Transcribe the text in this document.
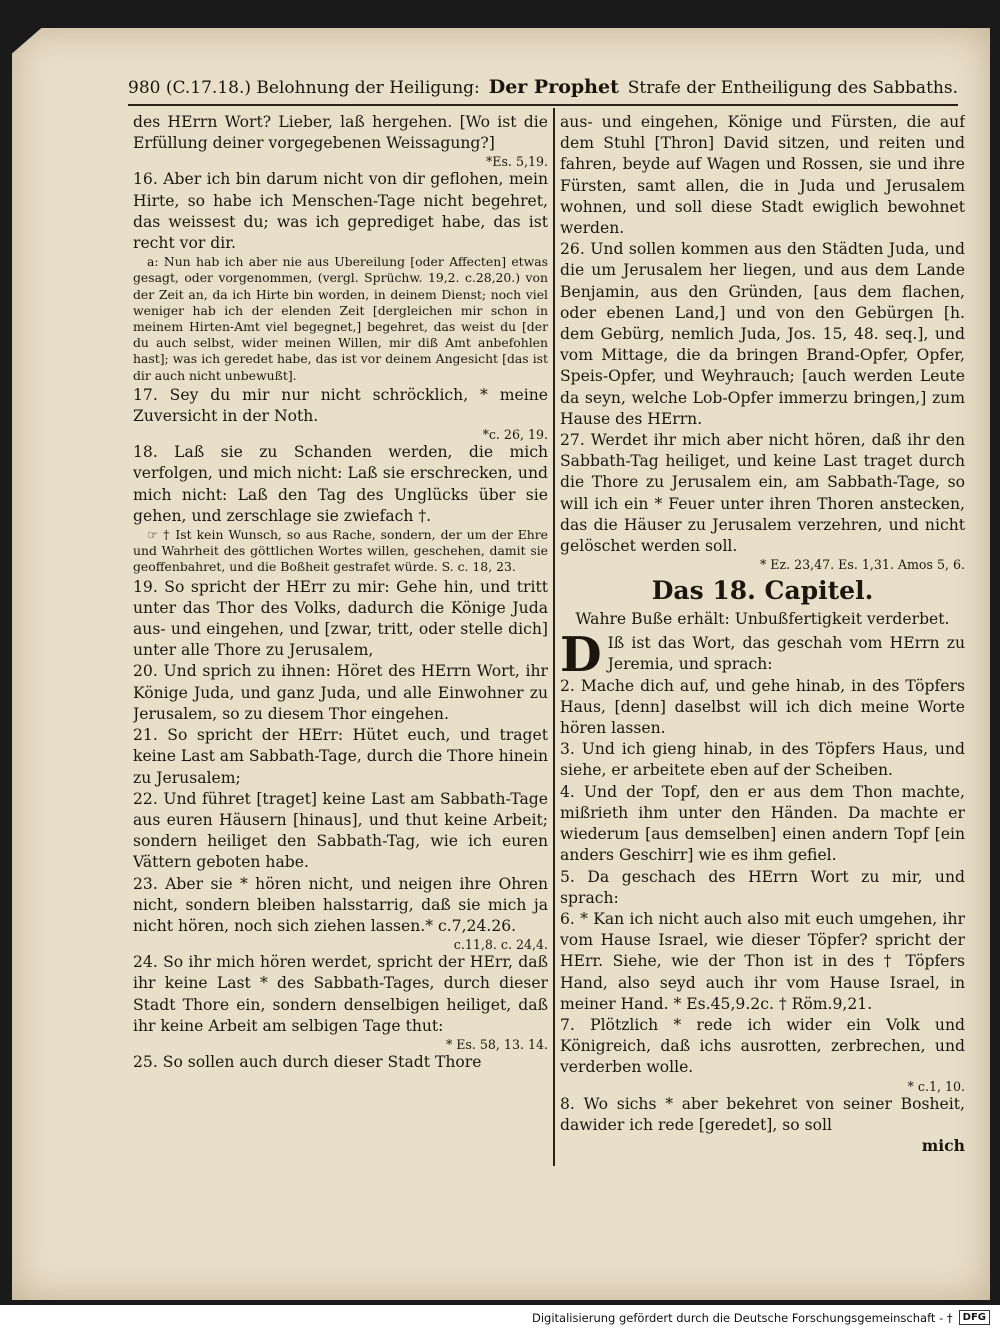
980 (C.17.18.) Belohnung der Heiligung: Der Prophet Strafe der Entheiligung des Sabbaths.

des HErrn Wort? Lieber, laß hergehen. [Wo ist die Erfüllung deiner vorgegebenen Weissagung?]

*Es. 5,19.

16. Aber ich bin darum nicht von dir geflohen, mein Hirte, so habe ich Menschen-Tage nicht begehret, das weissest du; was ich geprediget habe, das ist recht vor dir.

a: Nun hab ich aber nie aus Ubereilung [oder Affecten] etwas gesagt, oder vorgenommen, (vergl. Sprüchw. 19,2. c.28,20.) von der Zeit an, da ich Hirte bin worden, in deinem Dienst; noch viel weniger hab ich der elenden Zeit [dergleichen mir schon in meinem Hirten-Amt viel begegnet,] begehret, das weist du [der du auch selbst, wider meinen Willen, mir diß Amt anbefohlen hast]; was ich geredet habe, das ist vor deinem Angesicht [das ist dir auch nicht unbewußt].

17. Sey du mir nur nicht schröcklich, * meine Zuversicht in der Noth.

*c. 26, 19.

18. Laß sie zu Schanden werden, die mich verfolgen, und mich nicht: Laß sie erschrecken, und mich nicht: Laß den Tag des Unglücks über sie gehen, und zerschlage sie zwiefach †.

☞ † Ist kein Wunsch, so aus Rache, sondern, der um der Ehre und Wahrheit des göttlichen Wortes willen, geschehen, damit sie geoffenbahret, und die Boßheit gestrafet würde. S. c. 18, 23.

19. So spricht der HErr zu mir: Gehe hin, und tritt unter das Thor des Volks, dadurch die Könige Juda aus- und eingehen, und [zwar, tritt, oder stelle dich] unter alle Thore zu Jerusalem,

20. Und sprich zu ihnen: Höret des HErrn Wort, ihr Könige Juda, und ganz Juda, und alle Einwohner zu Jerusalem, so zu diesem Thor eingehen.

21. So spricht der HErr: Hütet euch, und traget keine Last am Sabbath-Tage, durch die Thore hinein zu Jerusalem;

22. Und führet [traget] keine Last am Sabbath-Tage aus euren Häusern [hinaus], und thut keine Arbeit; sondern heiliget den Sabbath-Tag, wie ich euren Vättern geboten habe.

23. Aber sie * hören nicht, und neigen ihre Ohren nicht, sondern bleiben halsstarrig, daß sie mich ja nicht hören, noch sich ziehen lassen.* c.7,24.26.

c.11,8. c. 24,4.

24. So ihr mich hören werdet, spricht der HErr, daß ihr keine Last * des Sabbath-Tages, durch dieser Stadt Thore ein, sondern denselbigen heiliget, daß ihr keine Arbeit am selbigen Tage thut:

* Es. 58, 13. 14.

25. So sollen auch durch dieser Stadt Thore

aus- und eingehen, Könige und Fürsten, die auf dem Stuhl [Thron] David sitzen, und reiten und fahren, beyde auf Wagen und Rossen, sie und ihre Fürsten, samt allen, die in Juda und Jerusalem wohnen, und soll diese Stadt ewiglich bewohnet werden.

26. Und sollen kommen aus den Städten Juda, und die um Jerusalem her liegen, und aus dem Lande Benjamin, aus den Gründen, [aus dem flachen, oder ebenen Land,] und von den Gebürgen [h. dem Gebürg, nemlich Juda, Jos. 15, 48. seq.], und vom Mittage, die da bringen Brand-Opfer, Opfer, Speis-Opfer, und Weyhrauch; [auch werden Leute da seyn, welche Lob-Opfer immerzu bringen,] zum Hause des HErrn.

27. Werdet ihr mich aber nicht hören, daß ihr den Sabbath-Tag heiliget, und keine Last traget durch die Thore zu Jerusalem ein, am Sabbath-Tage, so will ich ein * Feuer unter ihren Thoren anstecken, das die Häuser zu Jerusalem verzehren, und nicht gelöschet werden soll.

* Ez. 23,47. Es. 1,31. Amos 5, 6.

Das 18. Capitel.
Wahre Buße erhält: Unbußfertigkeit verderbet.

D Iß ist das Wort, das geschah vom HErrn zu Jeremia, und sprach:

2. Mache dich auf, und gehe hinab, in des Töpfers Haus, [denn] daselbst will ich dich meine Worte hören lassen.

3. Und ich gieng hinab, in des Töpfers Haus, und siehe, er arbeitete eben auf der Scheiben.

4. Und der Topf, den er aus dem Thon machte, mißrieth ihm unter den Händen. Da machte er wiederum [aus demselben] einen andern Topf [ein anders Geschirr] wie es ihm gefiel.

5. Da geschach des HErrn Wort zu mir, und sprach:

6. * Kan ich nicht auch also mit euch umgehen, ihr vom Hause Israel, wie dieser Töpfer? spricht der HErr. Siehe, wie der Thon ist in des † Töpfers Hand, also seyd auch ihr vom Hause Israel, in meiner Hand. * Es.45,9.2c. † Röm.9,21.

7. Plötzlich * rede ich wider ein Volk und Königreich, daß ichs ausrotten, zerbrechen, und verderben wolle.

* c.1, 10.

8. Wo sichs * aber bekehret von seiner Bosheit, dawider ich rede [geredet], so soll

mich

Digitalisierung gefördert durch die Deutsche Forschungsgemeinschaft - †	DFG
